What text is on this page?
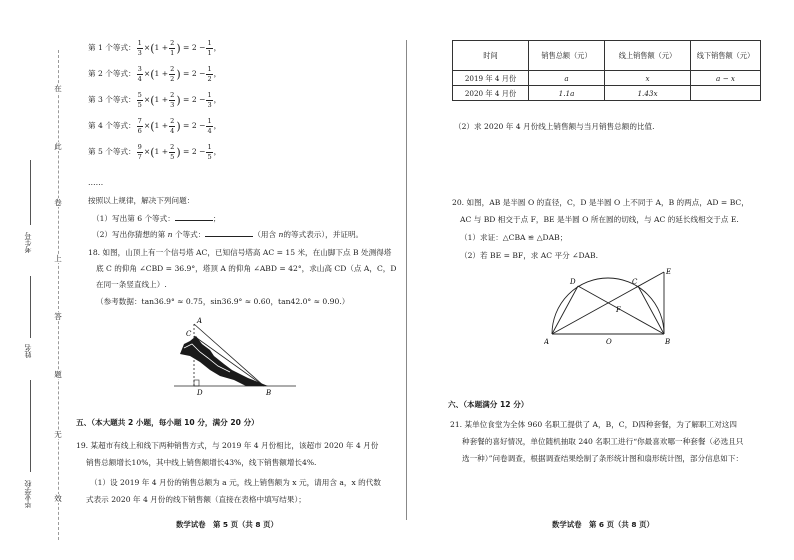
在
此
卷
上
答
题
无
效
考生号
姓名
毕业学校
第 1 个等式： $\frac{1}{3}$ × ( $1 + \frac{2}{1}$ )
= $2 - \frac{1}{1}$ ，
第 2 个等式： $\frac{3}{4}$ × ( $1 + \frac{2}{2}$ )
= $2 - \frac{1}{2}$ ，
第 3 个等式： $\frac{5}{5}$ × ( $1 + \frac{2}{3}$ )
= $2 - \frac{1}{3}$ ，
第 4 个等式： $\frac{7}{6}$ × ( $1 + \frac{2}{4}$ )
= $2 - \frac{1}{4}$ ，
第 5 个等式： $\frac{9}{7}$ × ( $1 + \frac{2}{5}$ )
= $2 - \frac{1}{5}$ ，
……
按照以上规律，解决下列问题：
（1）写出第 6 个等式：	；
（2）写出你猜想的第 n 个等式：	（用含 n的等式表示），并证明。
18. 如图，山顶上有一个信号塔 AC，已知信号塔高 AC = 15 米，在山脚下点 B 处测得塔
底 C 的仰角 ∠CBD = 36.9°，塔顶 A 的仰角 ∠ABD = 42°，求山高 CD（点 A，C，D
在同一条竖直线上）.
（参考数据：tan36.9° ≈ 0.75，sin36.9° ≈ 0.60，tan42.0° ≈ 0.90.）
A
C
D	B
五、（本大题共 2 小题，每小题 10 分，满分 20 分）
19. 某超市有线上和线下两种销售方式，与 2019 年 4 月份相比，该超市 2020 年 4 月份
销售总额增长10%，其中线上销售额增长43%，线下销售额增长4%.
（1）设 2019 年 4 月份的销售总额为 a 元，线上销售额为 x 元，请用含 a，x 的代数
式表示 2020 年 4 月份的线下销售额（直接在表格中填写结果）；
数学试卷　第 5 页（共 8 页）
时间	销售总额（元）	线上销售额（元）	线下销售额（元）
2019 年 4 月份	a	x	a − x
2020 年 4 月份	1.1a	1.43x	
（2）求 2020 年 4 月份线上销售额与当月销售总额的比值.
20. 如图，AB 是半圆 O 的直径，C，D 是半圆 O 上不同于 A，B 的两点，AD = BC，
AC 与 BD 相交于点 F，BE 是半圆 O 所在圆的切线，与 AC 的延长线相交于点 E.
（1）求证：△CBA ≌ △DAB；
（2）若 BE = BF，求 AC 平分 ∠DAB.
A	B
C
D
E
F
O
六、（本题满分 12 分）
21. 某单位食堂为全体 960 名职工提供了 A，B，C，D四种套餐，为了解职工对这四
种套餐的喜好情况，单位随机抽取 240 名职工进行“你最喜欢哪一种套餐（必选且只
选一种）”问卷调查，根据调查结果绘制了条形统计图和扇形统计图，部分信息如下：
数学试卷　第 6 页（共 8 页）
